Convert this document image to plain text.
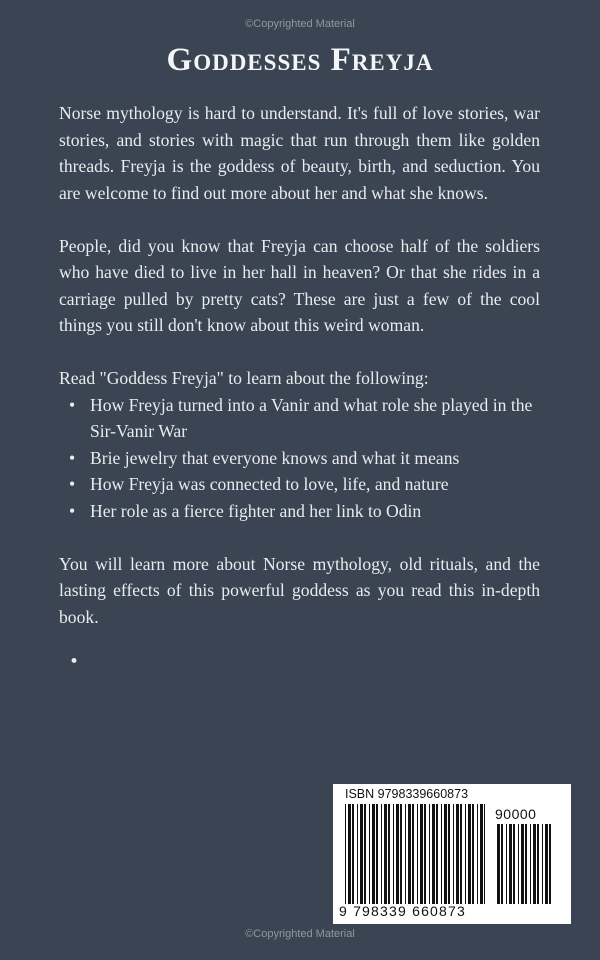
©Copyrighted Material
Goddesses Freyja

Norse mythology is hard to understand. It's full of love stories, war stories, and stories with magic that run through them like golden threads. Freyja is the goddess of beauty, birth, and seduction. You are welcome to find out more about her and what she knows.

People, did you know that Freyja can choose half of the soldiers who have died to live in her hall in heaven? Or that she rides in a carriage pulled by pretty cats? These are just a few of the cool things you still don't know about this weird woman.

Read "Goddess Freyja" to learn about the following:

• How Freyja turned into a Vanir and what role she played in the Sir-Vanir War
• Brie jewelry that everyone knows and what it means
• How Freyja was connected to love, life, and nature
• Her role as a fierce fighter and her link to Odin

You will learn more about Norse mythology, old rituals, and the lasting effects of this powerful goddess as you read this in-depth book.

•
ISBN 9798339660873
90000
9 798339 660873
©Copyrighted Material
